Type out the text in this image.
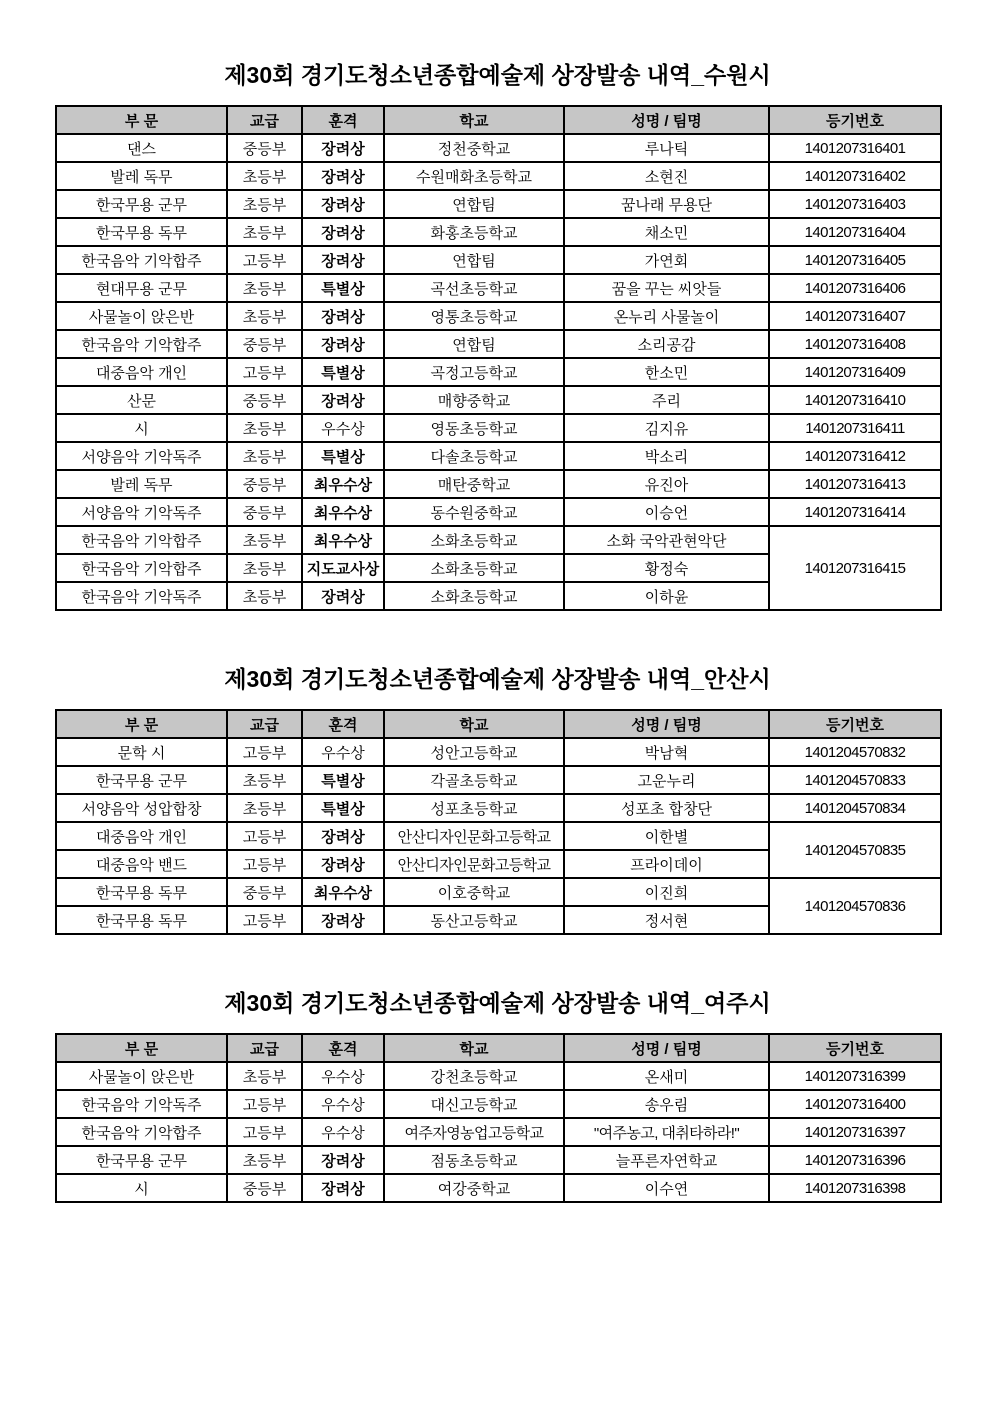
제30회 경기도청소년종합예술제 상장발송 내역_수원시
부 문	교급	훈격	학교	성명 / 팀명	등기번호
댄스	중등부	장려상	정천중학교	루나틱	1401207316401
발레 독무	초등부	장려상	수원매화초등학교	소현진	1401207316402
한국무용 군무	초등부	장려상	연합팀	꿈나래 무용단	1401207316403
한국무용 독무	초등부	장려상	화홍초등학교	채소민	1401207316404
한국음악 기악합주	고등부	장려상	연합팀	가연회	1401207316405
현대무용 군무	초등부	특별상	곡선초등학교	꿈을 꾸는 씨앗들	1401207316406
사물놀이 앉은반	초등부	장려상	영통초등학교	온누리 사물놀이	1401207316407
한국음악 기악합주	중등부	장려상	연합팀	소리공감	1401207316408
대중음악 개인	고등부	특별상	곡정고등학교	한소민	1401207316409
산문	중등부	장려상	매향중학교	주리	1401207316410
시	초등부	우수상	영동초등학교	김지유	1401207316411
서양음악 기악독주	초등부	특별상	다솔초등학교	박소리	1401207316412
발레 독무	중등부	최우수상	매탄중학교	유진아	1401207316413
서양음악 기악독주	중등부	최우수상	동수원중학교	이승언	1401207316414
한국음악 기악합주	초등부	최우수상	소화초등학교	소화 국악관현악단	1401207316415
한국음악 기악합주	초등부	지도교사상	소화초등학교	황정숙	
한국음악 기악독주	초등부	장려상	소화초등학교	이하윤	
제30회 경기도청소년종합예술제 상장발송 내역_안산시
부 문	교급	훈격	학교	성명 / 팀명	등기번호
문학 시	고등부	우수상	성안고등학교	박남혁	1401204570832
한국무용 군무	초등부	특별상	각골초등학교	고운누리	1401204570833
서양음악 성압합창	초등부	특별상	성포초등학교	성포초 합창단	1401204570834
대중음악 개인	고등부	장려상	안산디자인문화고등학교	이한별	1401204570835
대중음악 밴드	고등부	장려상	안산디자인문화고등학교	프라이데이	
한국무용 독무	중등부	최우수상	이호중학교	이진희	1401204570836
한국무용 독무	고등부	장려상	동산고등학교	정서현	
제30회 경기도청소년종합예술제 상장발송 내역_여주시
부 문	교급	훈격	학교	성명 / 팀명	등기번호
사물놀이 앉은반	초등부	우수상	강천초등학교	온새미	1401207316399
한국음악 기악독주	고등부	우수상	대신고등학교	송우림	1401207316400
한국음악 기악합주	고등부	우수상	여주자영농업고등학교	"여주농고, 대취타하라!"	1401207316397
한국무용 군무	초등부	장려상	점동초등학교	늘푸른자연학교	1401207316396
시	중등부	장려상	여강중학교	이수연	1401207316398
